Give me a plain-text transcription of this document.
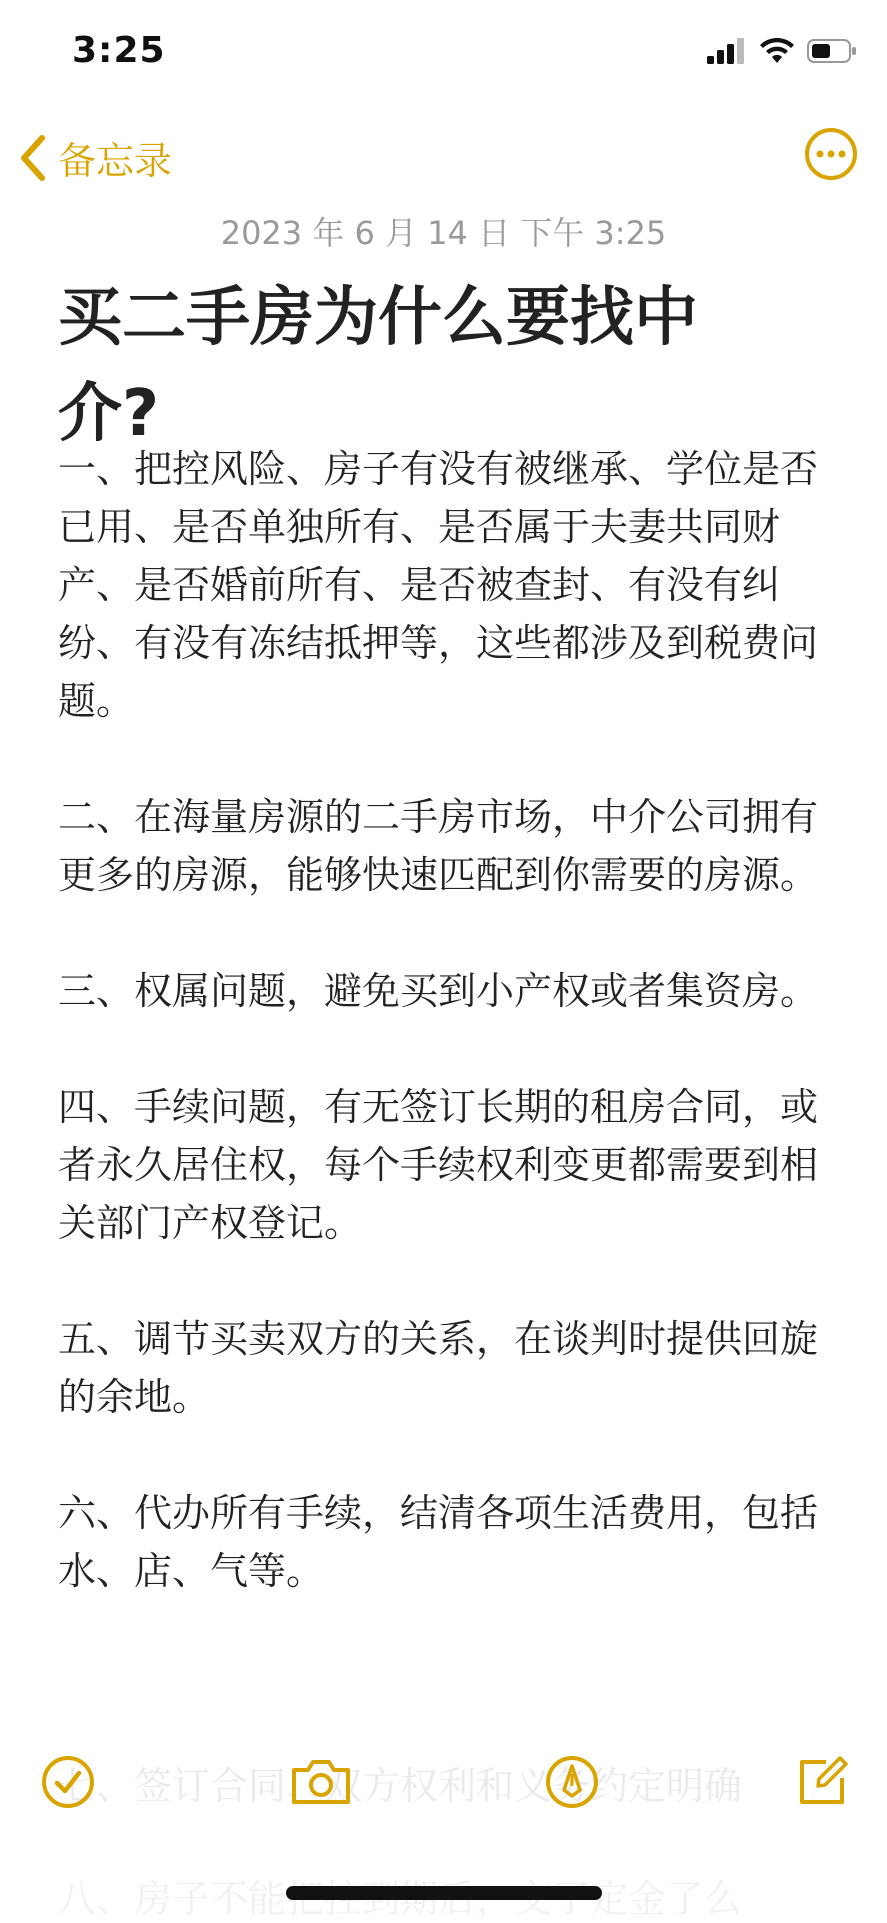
3:25
备忘录
2023 年 6 月 14 日 下午 3:25
买二手房为什么要找中介?

一、把控风险、房子有没有被继承、学位是否已用、是否单独所有、是否属于夫妻共同财产、是否婚前所有、是否被查封、有没有纠纷、有没有冻结抵押等，这些都涉及到税费问题。

二、在海量房源的二手房市场，中介公司拥有更多的房源，能够快速匹配到你需要的房源。

三、权属问题，避免买到小产权或者集资房。

四、手续问题，有无签订长期的租房合同，或者永久居住权，每个手续权利变更都需要到相关部门产权登记。

五、调节买卖双方的关系，在谈判时提供回旋的余地。

六、代办所有手续，结清各项生活费用，包括水、店、气等。
